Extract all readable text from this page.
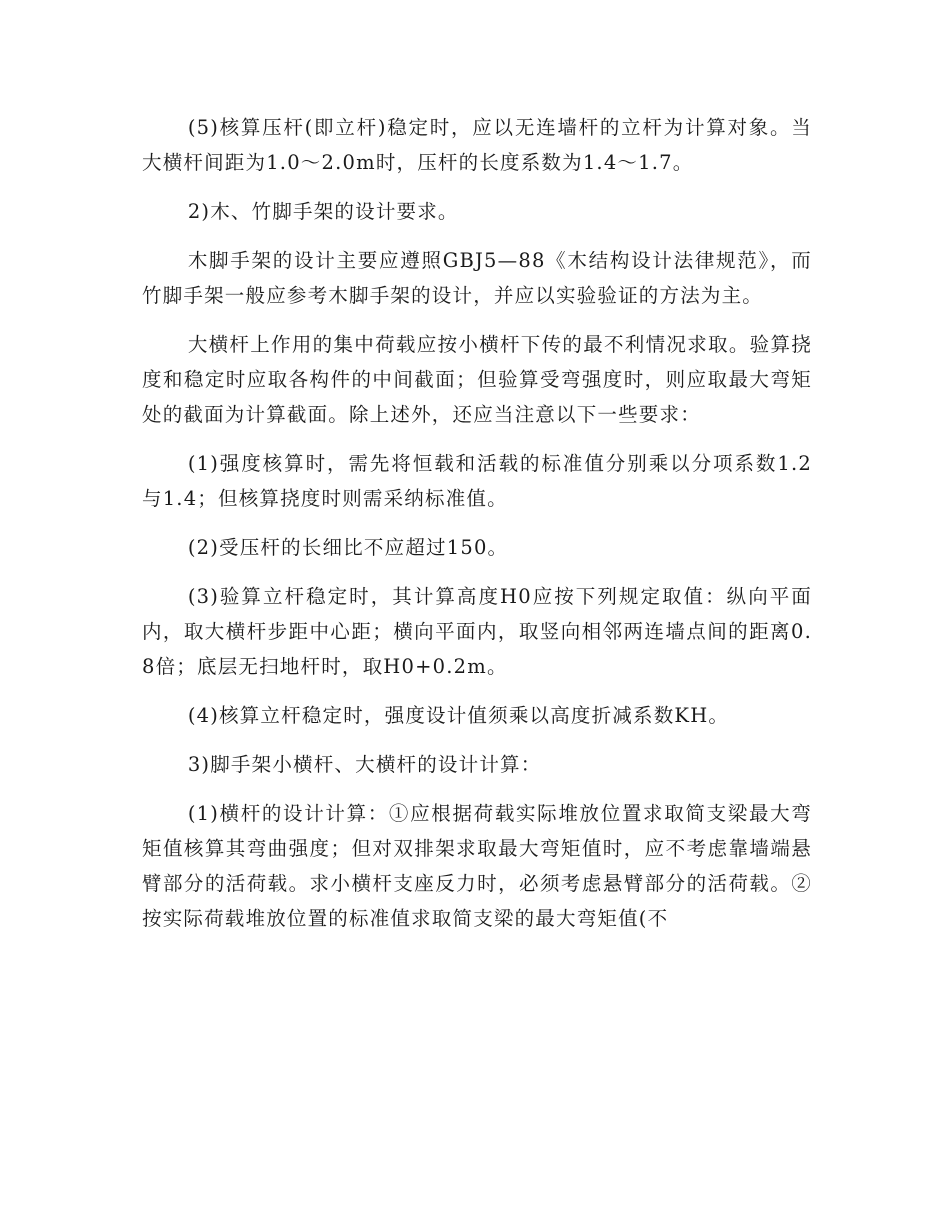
(5)核算压杆(即立杆)稳定时，应以无连墙杆的立杆为计算对象。当大横杆间距为1.0～2.0m时，压杆的长度系数为1.4～1.7。

2)木、竹脚手架的设计要求。

木脚手架的设计主要应遵照GBJ5—88《木结构设计法律规范》，而竹脚手架一般应参考木脚手架的设计，并应以实验验证的方法为主。

大横杆上作用的集中荷载应按小横杆下传的最不利情况求取。验算挠度和稳定时应取各构件的中间截面；但验算受弯强度时，则应取最大弯矩处的截面为计算截面。除上述外，还应当注意以下一些要求：

(1)强度核算时，需先将恒载和活载的标准值分别乘以分项系数1.2与1.4；但核算挠度时则需采纳标准值。

(2)受压杆的长细比不应超过150。

(3)验算立杆稳定时，其计算高度H0应按下列规定取值：纵向平面内，取大横杆步距中心距；横向平面内，取竖向相邻两连墙点间的距离0.8倍；底层无扫地杆时，取H0+0.2m。

(4)核算立杆稳定时，强度设计值须乘以高度折减系数KH。

3)脚手架小横杆、大横杆的设计计算：

(1)横杆的设计计算：①应根据荷载实际堆放位置求取简支梁最大弯矩值核算其弯曲强度；但对双排架求取最大弯矩值时，应不考虑靠墙端悬臂部分的活荷载。求小横杆支座反力时，必须考虑悬臂部分的活荷载。②按实际荷载堆放位置的标准值求取简支梁的最大弯矩值(不
